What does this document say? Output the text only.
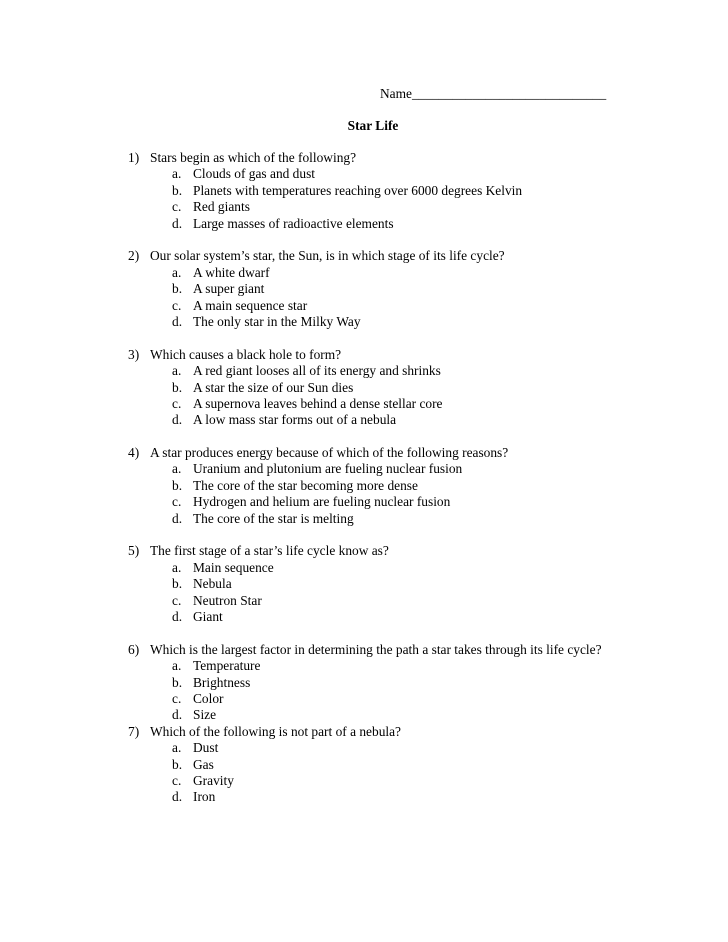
Name_____________________________
Star Life
1) Stars begin as which of the following?
a. Clouds of gas and dust
b. Planets with temperatures reaching over 6000 degrees Kelvin
c. Red giants
d. Large masses of radioactive elements
2) Our solar system’s star, the Sun, is in which stage of its life cycle?
a. A white dwarf
b. A super giant
c. A main sequence star
d. The only star in the Milky Way
3) Which causes a black hole to form?
a. A red giant looses all of its energy and shrinks
b. A star the size of our Sun dies
c. A supernova leaves behind a dense stellar core
d. A low mass star forms out of a nebula
4) A star produces energy because of which of the following reasons?
a. Uranium and plutonium are fueling nuclear fusion
b. The core of the star becoming more dense
c. Hydrogen and helium are fueling nuclear fusion
d. The core of the star is melting
5) The first stage of a star’s life cycle know as?
a. Main sequence
b. Nebula
c. Neutron Star
d. Giant
6) Which is the largest factor in determining the path a star takes through its life cycle?
a. Temperature
b. Brightness
c. Color
d. Size
7) Which of the following is not part of a nebula?
a. Dust
b. Gas
c. Gravity
d. Iron
